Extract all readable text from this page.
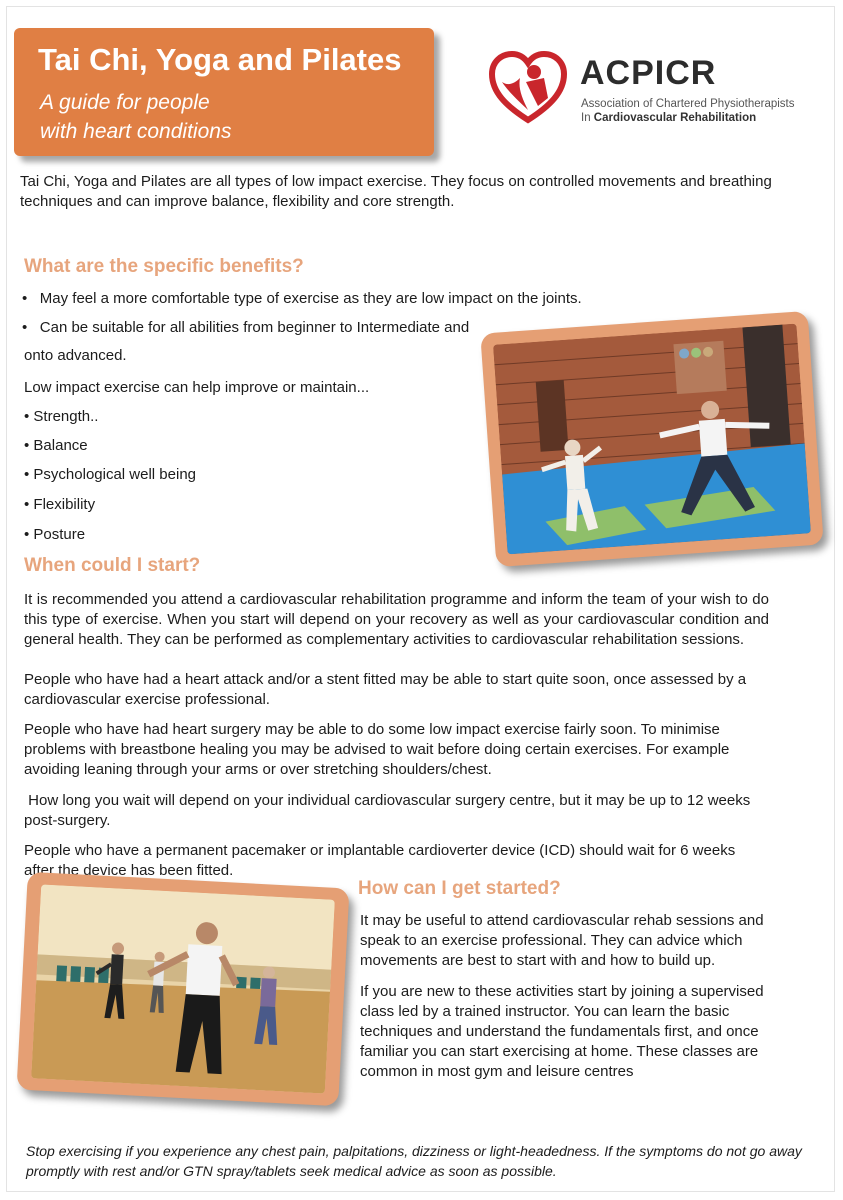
Tai Chi, Yoga and Pilates
A guide for people
with heart conditions
ACPICR
Association of Chartered Physiotherapists
In Cardiovascular Rehabilitation
Tai Chi, Yoga and Pilates are all types of low impact exercise. They focus on controlled movements and breathing techniques and can improve balance, flexibility and core strength.
What are the specific benefits?
•   May feel a more comfortable type of exercise as they are low impact on the joints.
•   Can be suitable for all abilities from beginner to Intermediate and
onto advanced.
Low impact exercise can help improve or maintain...
• Strength..
• Balance
• Psychological well being
• Flexibility
• Posture
When could I start?
It is recommended you attend a cardiovascular rehabilitation programme and inform the team of your wish to do this type of exercise. When you start will depend on your recovery as well as your cardiovascular condition and general health. They can be performed as complementary activities to cardiovascular rehabilitation sessions.
People who have had a heart attack and/or a stent fitted may be able to start quite soon, once assessed by a cardiovascular exercise professional.
People who have had heart surgery may be able to do some low impact exercise fairly soon. To minimise problems with breastbone healing you may be advised to wait before doing certain exercises. For example avoiding leaning through your arms or over stretching shoulders/chest.
How long you wait will depend on your individual cardiovascular surgery centre, but it may be up to 12 weeks post-surgery.
People who have a permanent pacemaker or implantable cardioverter device (ICD) should wait for 6 weeks after the device has been fitted.
How can I get started?
It may be useful to attend cardiovascular rehab sessions and speak to an exercise professional. They can advice which movements are best to start with and how to build up.
If you are new to these activities start by joining a supervised class led by a trained instructor. You can learn the basic techniques and understand the fundamentals first, and once familiar you can start exercising at home. These classes are common in most gym and leisure centres
Stop exercising if you experience any chest pain, palpitations, dizziness or light-headedness. If the symptoms do not go away promptly with rest and/or GTN spray/tablets seek medical advice as soon as possible.
